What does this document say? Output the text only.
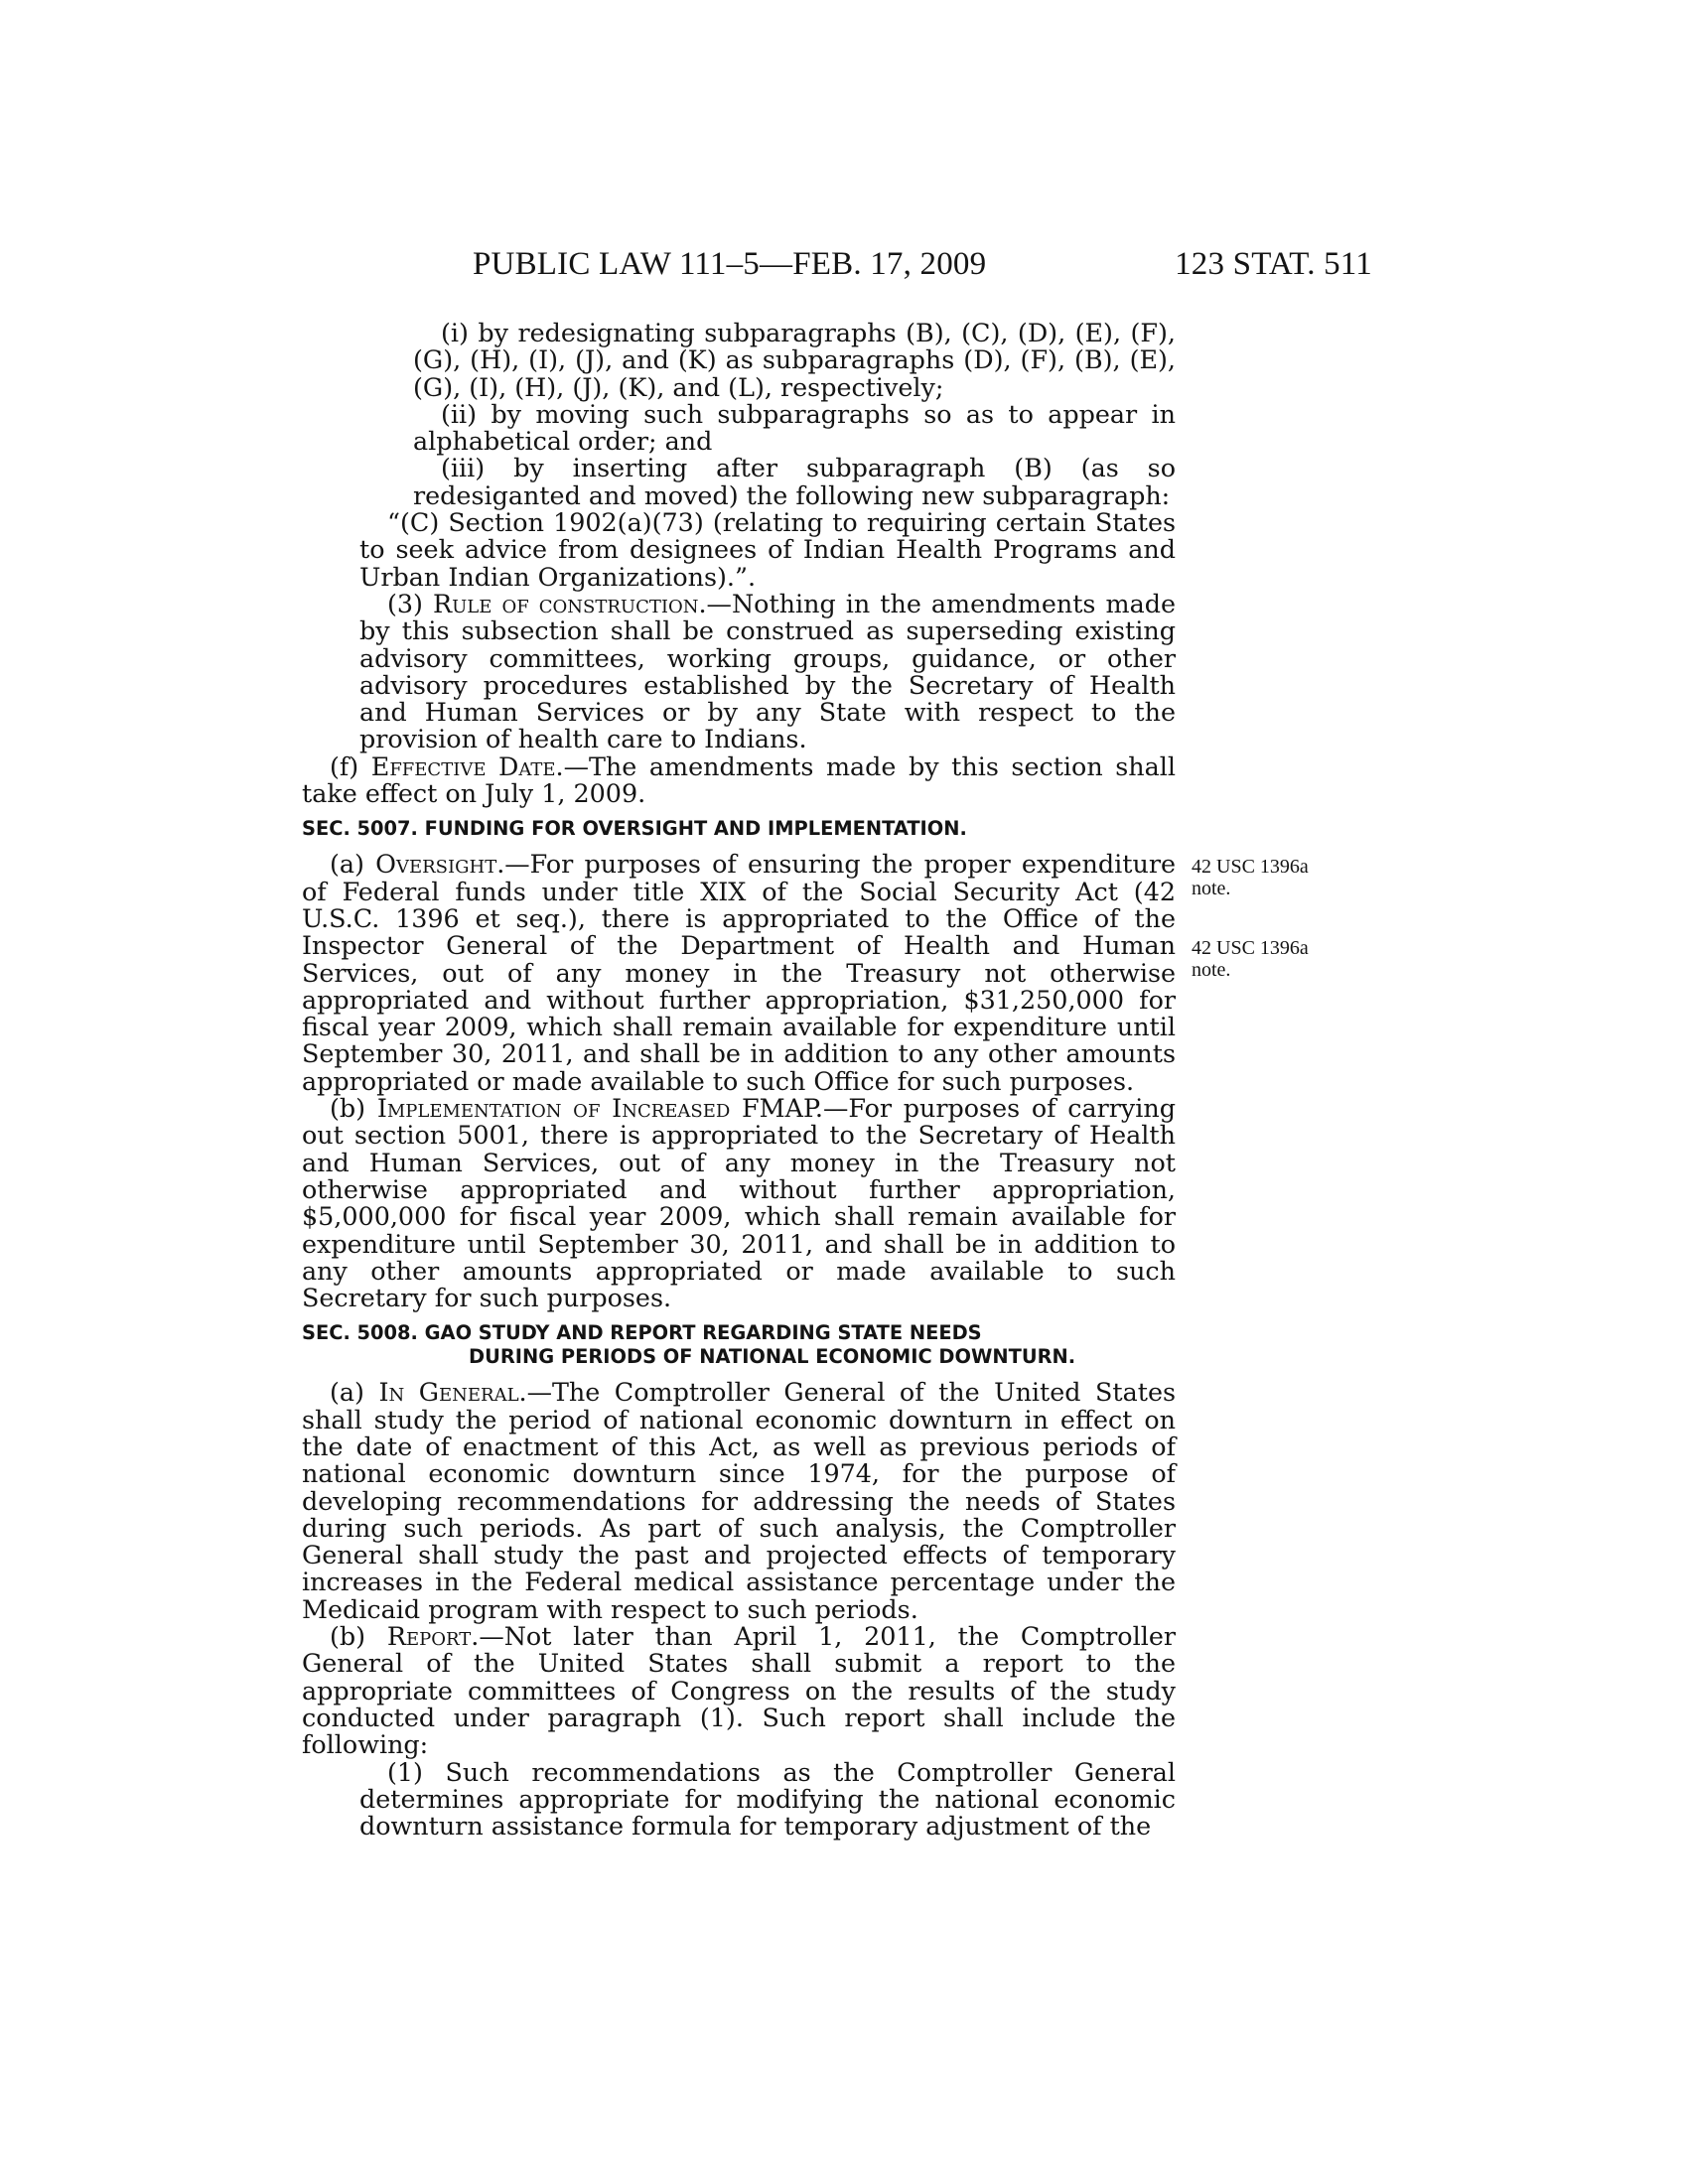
PUBLIC LAW 111–5—FEB. 17, 2009	123 STAT. 511
42 USC 1396a
note.
42 USC 1396a
note.

(i) by redesignating subparagraphs (B), (C), (D), (E), (F), (G), (H), (I), (J), and (K) as subparagraphs (D), (F), (B), (E), (G), (I), (H), (J), (K), and (L), respectively;

(ii) by moving such subparagraphs so as to appear in alphabetical order; and

(iii) by inserting after subparagraph (B) (as so redesiganted and moved) the following new subparagraph:

“(C) Section 1902(a)(73) (relating to requiring certain States to seek advice from designees of Indian Health Programs and Urban Indian Organizations).”.

(3) Rule of construction.—Nothing in the amendments made by this subsection shall be construed as superseding existing advisory committees, working groups, guidance, or other advisory procedures established by the Secretary of Health and Human Services or by any State with respect to the provision of health care to Indians.

(f) Effective Date.—The amendments made by this section shall take effect on July 1, 2009.

SEC. 5007. FUNDING FOR OVERSIGHT AND IMPLEMENTATION.

(a) Oversight.—For purposes of ensuring the proper expenditure of Federal funds under title XIX of the Social Security Act (42 U.S.C. 1396 et seq.), there is appropriated to the Office of the Inspector General of the Department of Health and Human Services, out of any money in the Treasury not otherwise appropriated and without further appropriation, $31,250,000 for fiscal year 2009, which shall remain available for expenditure until September 30, 2011, and shall be in addition to any other amounts appropriated or made available to such Office for such purposes.

(b) Implementation of Increased FMAP.—For purposes of carrying out section 5001, there is appropriated to the Secretary of Health and Human Services, out of any money in the Treasury not otherwise appropriated and without further appropriation, $5,000,000 for fiscal year 2009, which shall remain available for expenditure until September 30, 2011, and shall be in addition to any other amounts appropriated or made available to such Secretary for such purposes.

SEC. 5008. GAO STUDY AND REPORT REGARDING STATE NEEDS
DURING PERIODS OF NATIONAL ECONOMIC DOWNTURN.

(a) In General.—The Comptroller General of the United States shall study the period of national economic downturn in effect on the date of enactment of this Act, as well as previous periods of national economic downturn since 1974, for the purpose of developing recommendations for addressing the needs of States during such periods. As part of such analysis, the Comptroller General shall study the past and projected effects of temporary increases in the Federal medical assistance percentage under the Medicaid program with respect to such periods.

(b) Report.—Not later than April 1, 2011, the Comptroller General of the United States shall submit a report to the appropriate committees of Congress on the results of the study conducted under paragraph (1). Such report shall include the following:

(1) Such recommendations as the Comptroller General determines appropriate for modifying the national economic downturn assistance formula for temporary adjustment of the
